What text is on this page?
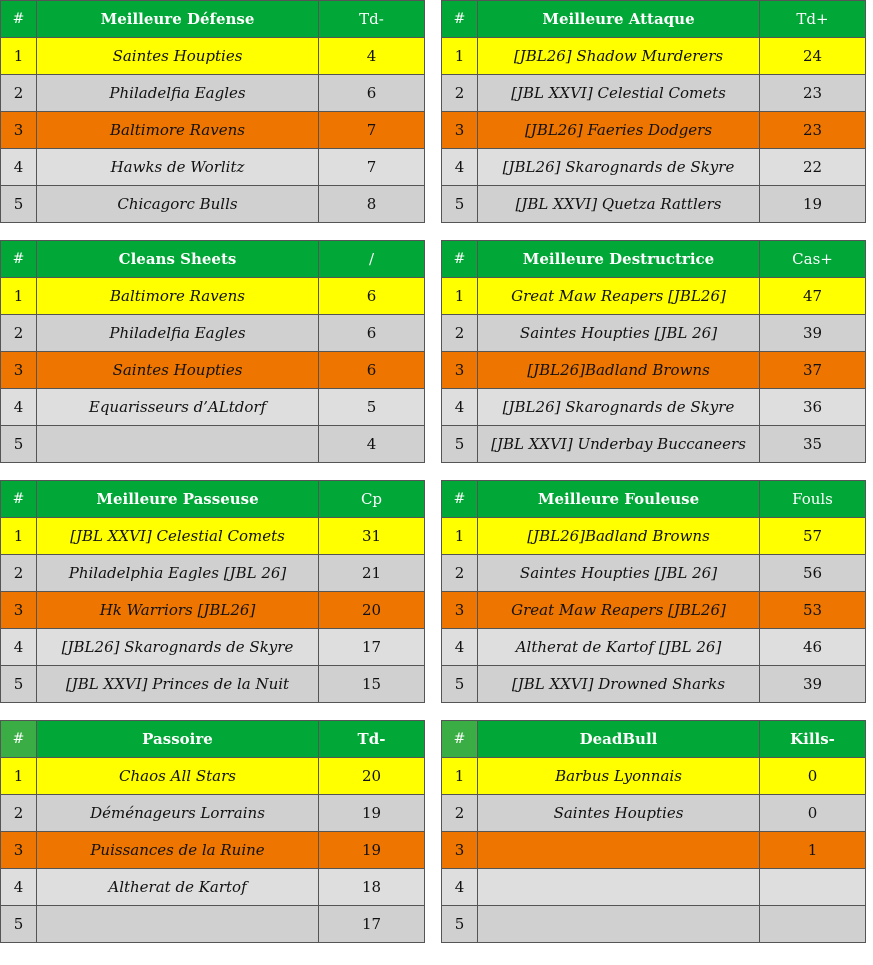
#	Meilleure Défense	Td-
1	Saintes Houpties	4
2	Philadelfia Eagles	6
3	Baltimore Ravens	7
4	Hawks de Worlitz	7
5	Chicagorc Bulls	8
#	Meilleure Attaque	Td+
1	[JBL26] Shadow Murderers	24
2	[JBL XXVI] Celestial Comets	23
3	[JBL26] Faeries Dodgers	23
4	[JBL26] Skarognards de Skyre	22
5	[JBL XXVI] Quetza Rattlers	19
#	Cleans Sheets	/
1	Baltimore Ravens	6
2	Philadelfia Eagles	6
3	Saintes Houpties	6
4	Equarisseurs d’ALtdorf	5
5		4
#	Meilleure Destructrice	Cas+
1	Great Maw Reapers [JBL26]	47
2	Saintes Houpties [JBL 26]	39
3	[JBL26]Badland Browns	37
4	[JBL26] Skarognards de Skyre	36
5	[JBL XXVI] Underbay Buccaneers	35
#	Meilleure Passeuse	Cp
1	[JBL XXVI] Celestial Comets	31
2	Philadelphia Eagles [JBL 26]	21
3	Hk Warriors [JBL26]	20
4	[JBL26] Skarognards de Skyre	17
5	[JBL XXVI] Princes de la Nuit	15
#	Meilleure Fouleuse	Fouls
1	[JBL26]Badland Browns	57
2	Saintes Houpties [JBL 26]	56
3	Great Maw Reapers [JBL26]	53
4	Altherat de Kartof [JBL 26]	46
5	[JBL XXVI] Drowned Sharks	39
#	Passoire	Td-
1	Chaos All Stars	20
2	Déménageurs Lorrains	19
3	Puissances de la Ruine	19
4	Altherat de Kartof	18
5		17
#	DeadBull	Kills-
1	Barbus Lyonnais	0
2	Saintes Houpties	0
3		1
4		
5		
